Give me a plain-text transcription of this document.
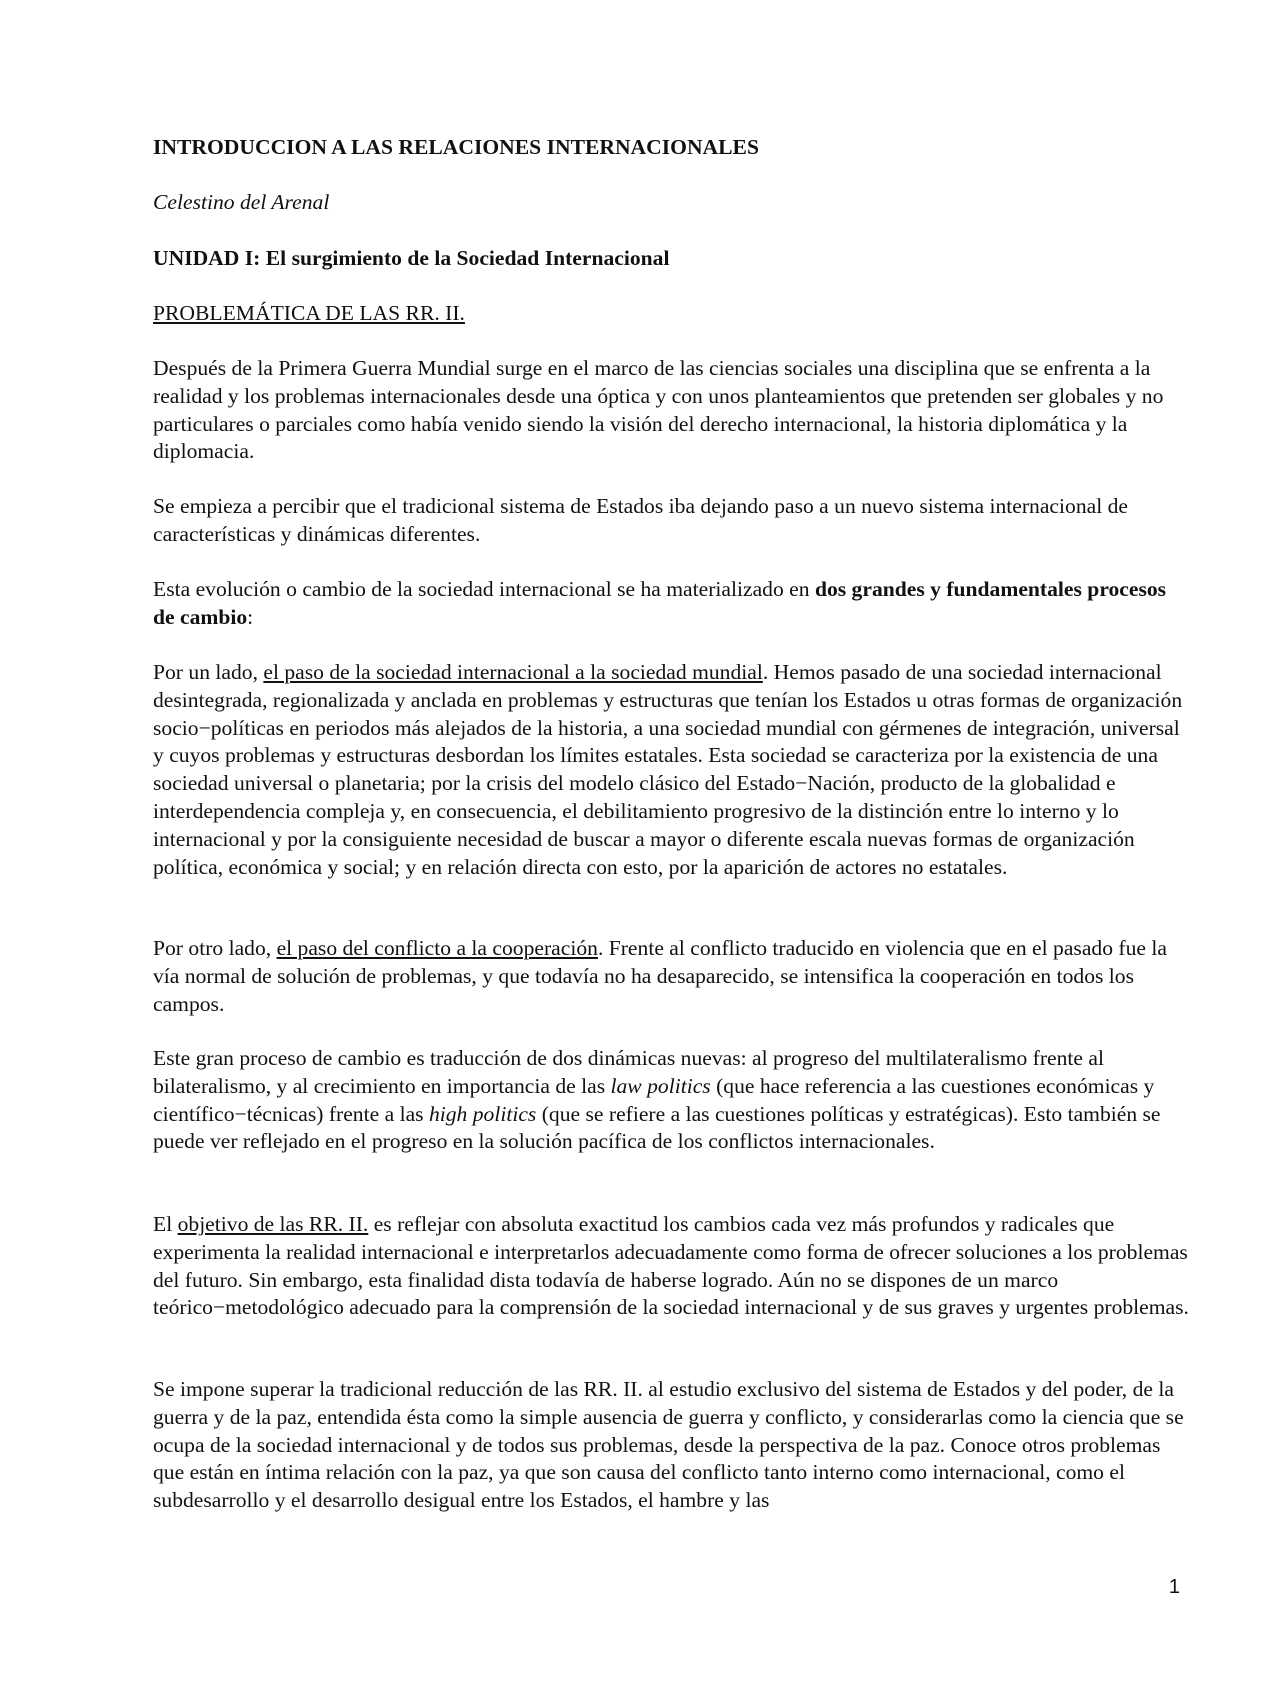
INTRODUCCION A LAS RELACIONES INTERNACIONALES

Celestino del Arenal

UNIDAD I: El surgimiento de la Sociedad Internacional

PROBLEMÁTICA DE LAS RR. II.

Después de la Primera Guerra Mundial surge en el marco de las ciencias sociales una disciplina que se enfrenta a la realidad y los problemas internacionales desde una óptica y con unos planteamientos que pretenden ser globales y no particulares o parciales como había venido siendo la visión del derecho internacional, la historia diplomática y la diplomacia.

Se empieza a percibir que el tradicional sistema de Estados iba dejando paso a un nuevo sistema internacional de características y dinámicas diferentes.

Esta evolución o cambio de la sociedad internacional se ha materializado en dos grandes y fundamentales procesos de cambio:

Por un lado, el paso de la sociedad internacional a la sociedad mundial. Hemos pasado de una sociedad internacional desintegrada, regionalizada y anclada en problemas y estructuras que tenían los Estados u otras formas de organización socio−políticas en periodos más alejados de la historia, a una sociedad mundial con gérmenes de integración, universal y cuyos problemas y estructuras desbordan los límites estatales. Esta sociedad se caracteriza por la existencia de una sociedad universal o planetaria; por la crisis del modelo clásico del Estado−Nación, producto de la globalidad e interdependencia compleja y, en consecuencia, el debilitamiento progresivo de la distinción entre lo interno y lo internacional y por la consiguiente necesidad de buscar a mayor o diferente escala nuevas formas de organización política, económica y social; y en relación directa con esto, por la aparición de actores no estatales.

Por otro lado, el paso del conflicto a la cooperación. Frente al conflicto traducido en violencia que en el pasado fue la vía normal de solución de problemas, y que todavía no ha desaparecido, se intensifica la cooperación en todos los campos.

Este gran proceso de cambio es traducción de dos dinámicas nuevas: al progreso del multilateralismo frente al bilateralismo, y al crecimiento en importancia de las law politics (que hace referencia a las cuestiones económicas y científico−técnicas) frente a las high politics (que se refiere a las cuestiones políticas y estratégicas). Esto también se puede ver reflejado en el progreso en la solución pacífica de los conflictos internacionales.

El objetivo de las RR. II. es reflejar con absoluta exactitud los cambios cada vez más profundos y radicales que experimenta la realidad internacional e interpretarlos adecuadamente como forma de ofrecer soluciones a los problemas del futuro. Sin embargo, esta finalidad dista todavía de haberse logrado. Aún no se dispones de un marco teórico−metodológico adecuado para la comprensión de la sociedad internacional y de sus graves y urgentes problemas.

Se impone superar la tradicional reducción de las RR. II. al estudio exclusivo del sistema de Estados y del poder, de la guerra y de la paz, entendida ésta como la simple ausencia de guerra y conflicto, y considerarlas como la ciencia que se ocupa de la sociedad internacional y de todos sus problemas, desde la perspectiva de la paz. Conoce otros problemas que están en íntima relación con la paz, ya que son causa del conflicto tanto interno como internacional, como el subdesarrollo y el desarrollo desigual entre los Estados, el hambre y las

1
